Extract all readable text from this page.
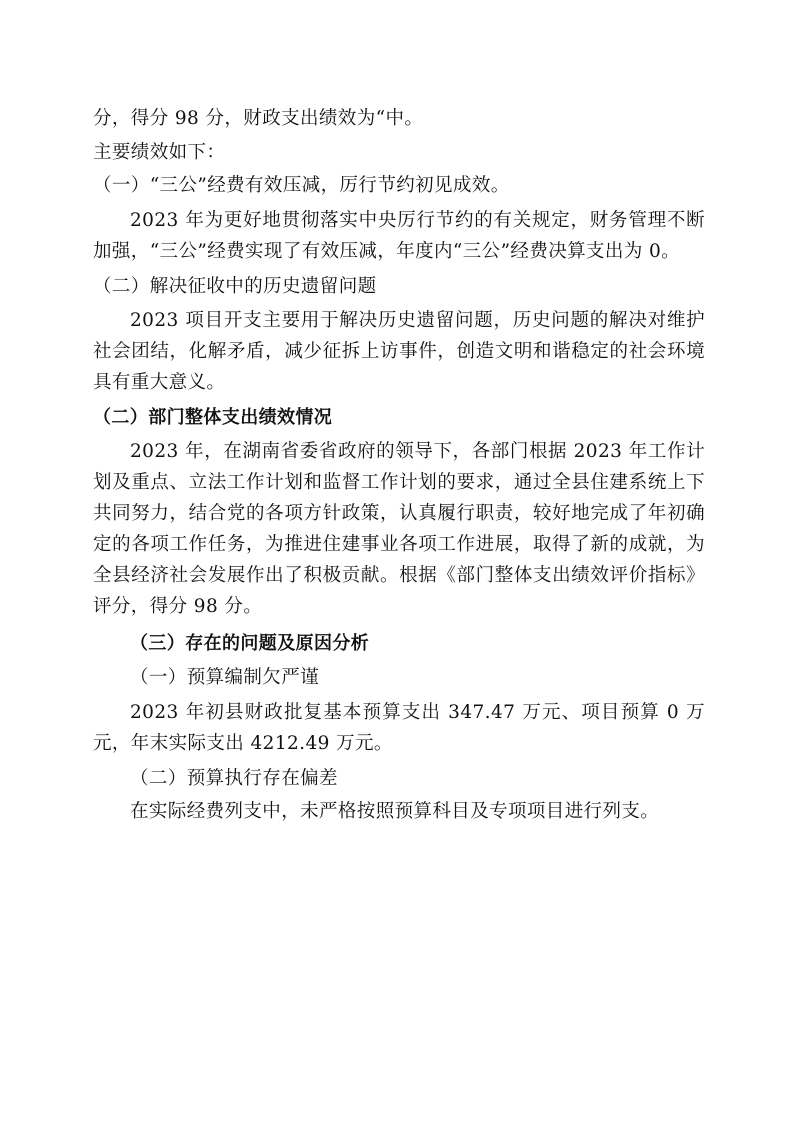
分，得分 98 分，财政支出绩效为“中。

主要绩效如下：

（一）“三公”经费有效压减，厉行节约初见成效。

2023 年为更好地贯彻落实中央厉行节约的有关规定，财务管理不断加强，“三公”经费实现了有效压减，年度内“三公”经费决算支出为 0。

（二）解决征收中的历史遗留问题

2023 项目开支主要用于解决历史遗留问题，历史问题的解决对维护社会团结，化解矛盾，减少征拆上访事件，创造文明和谐稳定的社会环境具有重大意义。

（二）部门整体支出绩效情况

2023 年，在湖南省委省政府的领导下，各部门根据 2023 年工作计划及重点、立法工作计划和监督工作计划的要求，通过全县住建系统上下共同努力，结合党的各项方针政策，认真履行职责，较好地完成了年初确定的各项工作任务，为推进住建事业各项工作进展，取得了新的成就，为全县经济社会发展作出了积极贡献。根据《部门整体支出绩效评价指标》评分，得分 98 分。

（三）存在的问题及原因分析

（一）预算编制欠严谨

2023 年初县财政批复基本预算支出 347.47 万元、项目预算 0 万元，年末实际支出 4212.49 万元。

（二）预算执行存在偏差

在实际经费列支中，未严格按照预算科目及专项项目进行列支。
